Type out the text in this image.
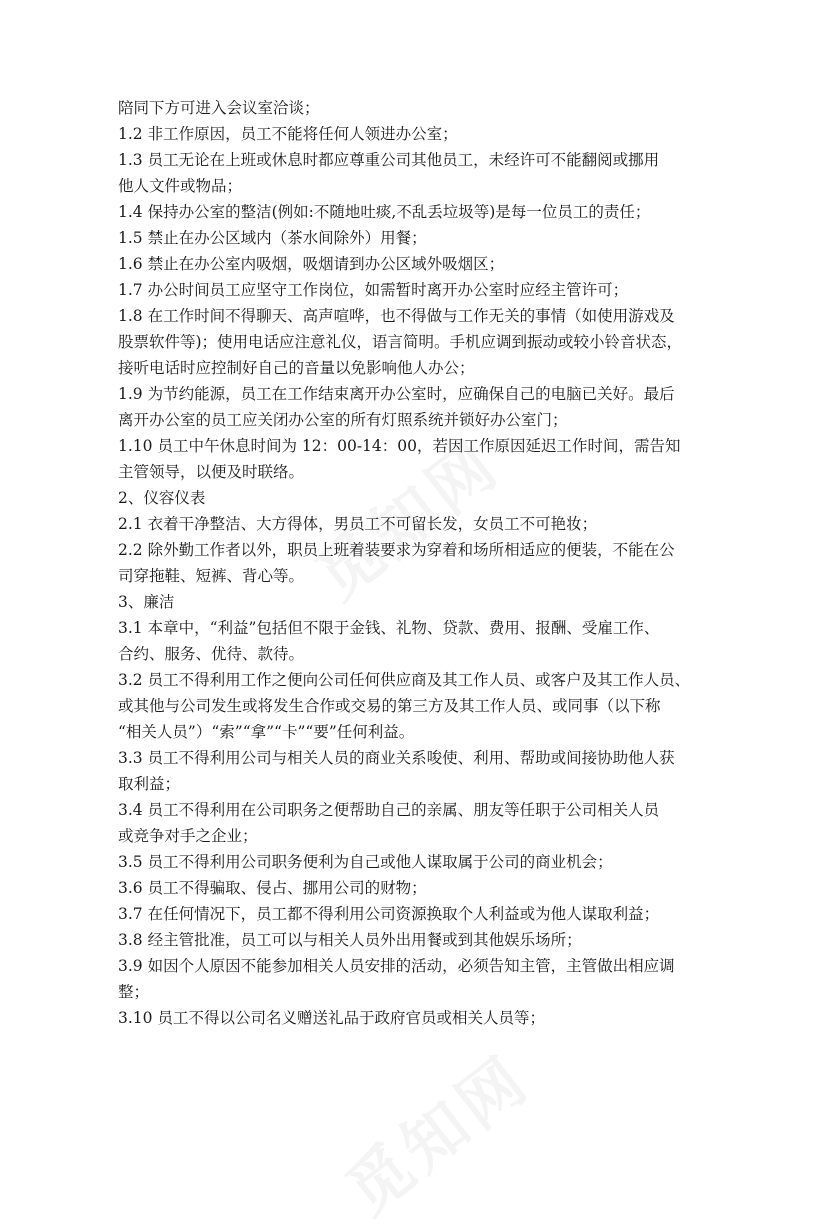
陪同下方可进入会议室洽谈；
1.2 非工作原因，员工不能将任何人领进办公室；
1.3 员工无论在上班或休息时都应尊重公司其他员工，未经许可不能翻阅或挪用
他人文件或物品；
1.4 保持办公室的整洁(例如:不随地吐痰,不乱丢垃圾等)是每一位员工的责任；
1.5 禁止在办公区域内（茶水间除外）用餐；
1.6 禁止在办公室内吸烟，吸烟请到办公区域外吸烟区；
1.7 办公时间员工应坚守工作岗位，如需暂时离开办公室时应经主管许可；
1.8 在工作时间不得聊天、高声喧哗，也不得做与工作无关的事情（如使用游戏及
股票软件等)；使用电话应注意礼仪，语言简明。手机应调到振动或较小铃音状态，
接听电话时应控制好自己的音量以免影响他人办公；
1.9 为节约能源，员工在工作结束离开办公室时，应确保自己的电脑已关好。最后
离开办公室的员工应关闭办公室的所有灯照系统并锁好办公室门；
1.10 员工中午休息时间为 12：00-14：00，若因工作原因延迟工作时间，需告知
主管领导，以便及时联络。
2、仪容仪表
2.1 衣着干净整洁、大方得体，男员工不可留长发，女员工不可艳妆；
2.2 除外勤工作者以外，职员上班着装要求为穿着和场所相适应的便装，不能在公
司穿拖鞋、短裤、背心等。
3、廉洁
3.1 本章中，“利益”包括但不限于金钱、礼物、贷款、费用、报酬、受雇工作、
合约、服务、优待、款待。
3.2 员工不得利用工作之便向公司任何供应商及其工作人员、或客户及其工作人员、
或其他与公司发生或将发生合作或交易的第三方及其工作人员、或同事（以下称
“相关人员”）“索”“拿”“卡”“要”任何利益。
3.3 员工不得利用公司与相关人员的商业关系唆使、利用、帮助或间接协助他人获
取利益；
3.4 员工不得利用在公司职务之便帮助自己的亲属、朋友等任职于公司相关人员
或竞争对手之企业；
3.5 员工不得利用公司职务便利为自己或他人谋取属于公司的商业机会；
3.6 员工不得骗取、侵占、挪用公司的财物；
3.7 在任何情况下，员工都不得利用公司资源换取个人利益或为他人谋取利益；
3.8 经主管批准，员工可以与相关人员外出用餐或到其他娱乐场所；
3.9 如因个人原因不能参加相关人员安排的活动，必须告知主管，主管做出相应调
整；
3.10 员工不得以公司名义赠送礼品于政府官员或相关人员等；
